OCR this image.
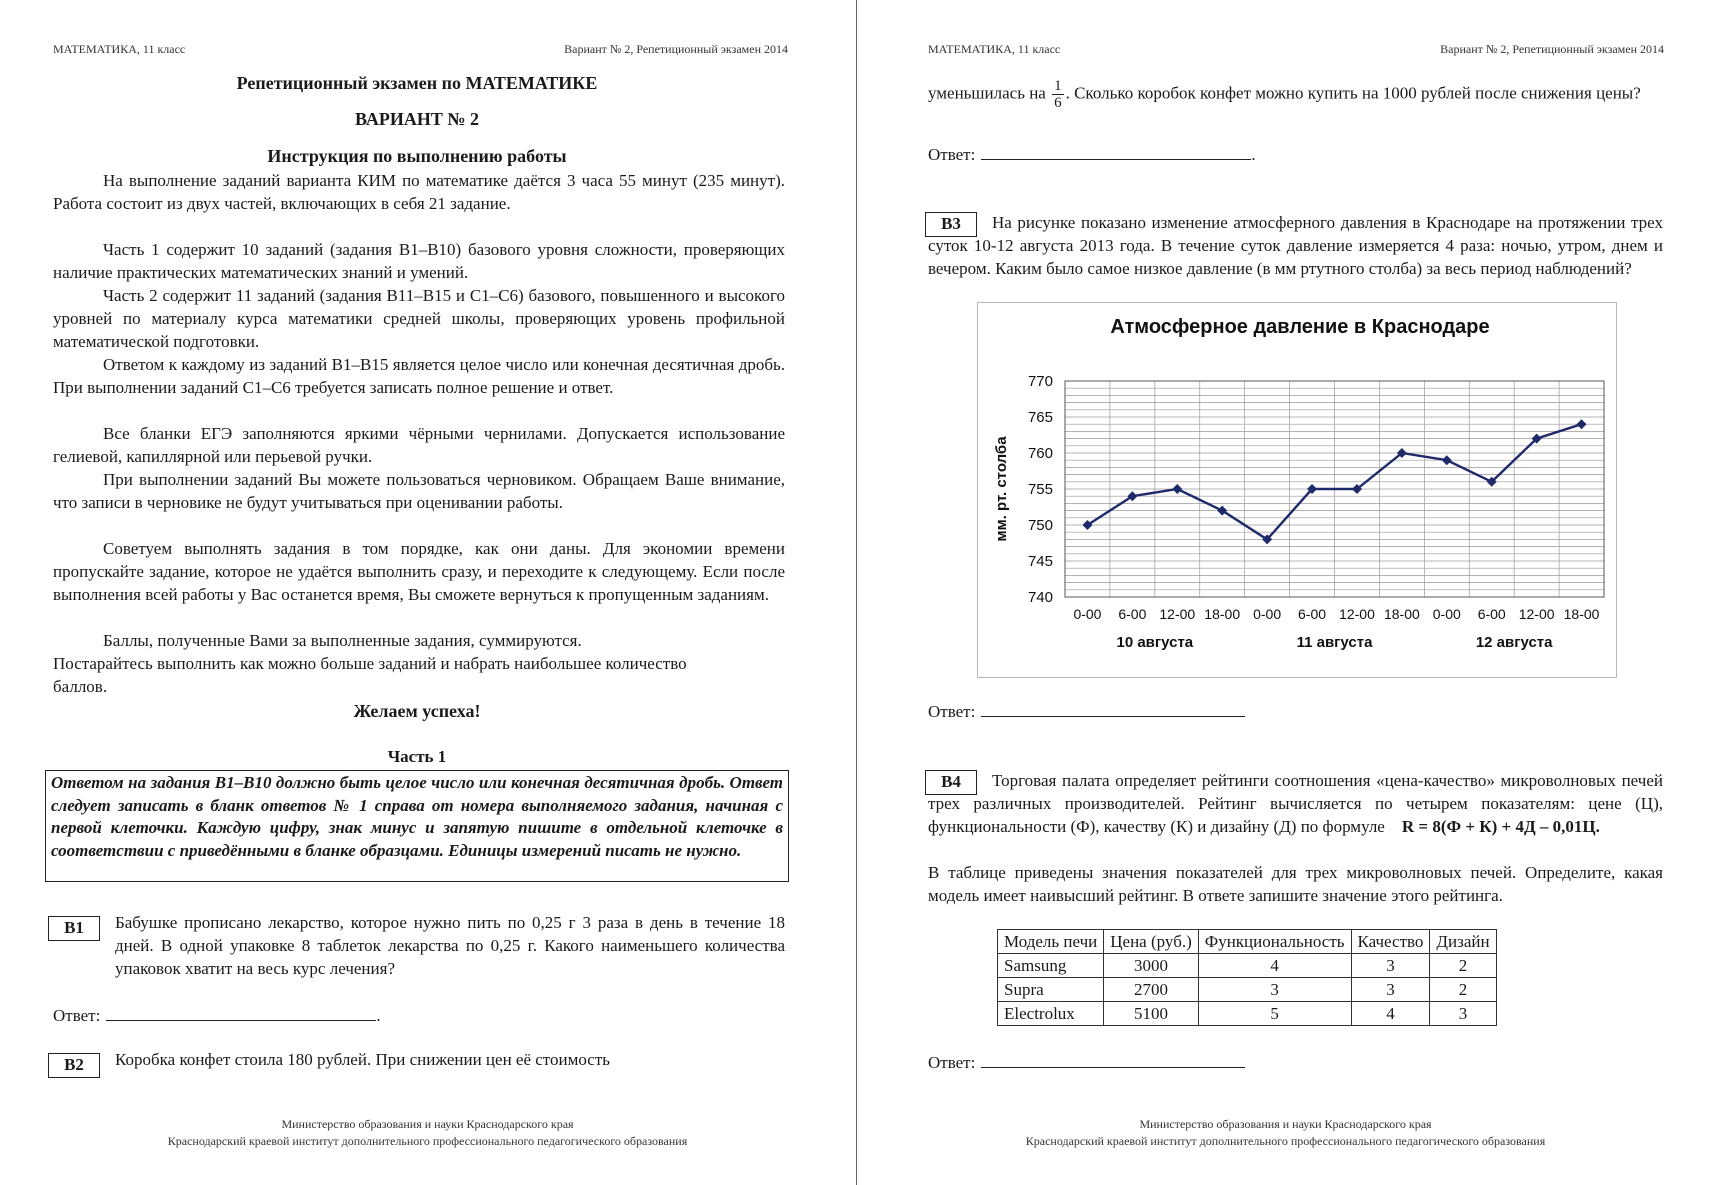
МАТЕМАТИКА, 11 класс	Вариант № 2, Репетиционный экзамен 2014
Репетиционный экзамен по МАТЕМАТИКЕ
ВАРИАНТ № 2
Инструкция по выполнению работы

На выполнение заданий варианта КИМ по математике даётся 3 часа 55 минут (235 минут). Работа состоит из двух частей, включающих в себя 21 задание.

Часть 1 содержит 10 заданий (задания B1–B10) базового уровня сложности, проверяющих наличие практических математических знаний и умений.

Часть 2 содержит 11 заданий (задания B11–B15 и С1–С6) базового, повышенного и высокого уровней по материалу курса математики средней школы, проверяющих уровень профильной математической подготовки.

Ответом к каждому из заданий B1–B15 является целое число или конечная десятичная дробь. При выполнении заданий С1–С6 требуется записать полное решение и ответ.

Все бланки ЕГЭ заполняются яркими чёрными чернилами. Допускается использование гелиевой, капиллярной или перьевой ручки.

При выполнении заданий Вы можете пользоваться черновиком. Обращаем Ваше внимание, что записи в черновике не будут учитываться при оценивании работы.

Советуем выполнять задания в том порядке, как они даны. Для экономии времени пропускайте задание, которое не удаётся выполнить сразу, и переходите к следующему. Если после выполнения всей работы у Вас останется время, Вы сможете вернуться к пропущенным заданиям.

Баллы, полученные Вами за выполненные задания, суммируются.

Постарайтесь выполнить как можно больше заданий и набрать наибольшее количество баллов.

Желаем успеха!
Часть 1

Ответом на задания B1–B10 должно быть целое число или конечная десятичная дробь. Ответ следует записать в бланк ответов № 1 справа от номера выполняемого задания, начиная с первой клеточки. Каждую цифру, знак минус и запятую пишите в отдельной клеточке в соответствии с приведёнными в бланке образцами. Единицы измерений писать не нужно.

B1	Бабушке прописано лекарство, которое нужно пить по 0,25 г 3 раза в день в течение 18 дней. В одной упаковке 8 таблеток лекарства по 0,25 г. Какого наименьшего количества упаковок хватит на весь курс лечения?

Ответ:	.
B2	Коробка конфет стоила 180 рублей. При снижении цен её стоимость

Министерство образования и науки Краснодарского края
Краснодарский краевой институт дополнительного профессионального педагогического образования
МАТЕМАТИКА, 11 класс	Вариант № 2, Репетиционный экзамен 2014

уменьшилась на $\frac{1}{6}$ . Сколько коробок конфет можно купить на 1000 рублей после снижения цены?

Ответ:	.
B3	На рисунке показано изменение атмосферного давления в Краснодаре на протяжении трех суток 10-12 августа 2013 года. В течение суток давление измеряется 4 раза: ночью, утром, днем и вечером. Каким было самое низкое давление (в мм ртутного столба) за весь период наблюдений?

Атмосферное давление в Краснодаре
740
745
750
755
760
765
770
мм. рт. столба
0-00 6-00 12-00 18-00 0-00 6-00 12-00 18-00 0-00 6-00 12-00 18-00
10 августа	11 августа	12 августа
Ответ:
B4	Торговая палата определяет рейтинги соотношения «цена-качество» микроволновых печей трех различных производителей. Рейтинг вычисляется по четырем показателям: цене (Ц), функциональности (Ф), качеству (К) и дизайну (Д) по формуле R = 8(Ф + К) + 4Д – 0,01Ц.

В таблице приведены значения показателей для трех микроволновых печей. Определите, какая модель имеет наивысший рейтинг. В ответе запишите значение этого рейтинга.

Модель печи	Цена (руб.)	Функциональность	Качество	Дизайн
Samsung	3000	4	3	2
Supra	2700	3	3	2
Electrolux	5100	5	4	3
Ответ:
Министерство образования и науки Краснодарского края
Краснодарский краевой институт дополнительного профессионального педагогического образования
